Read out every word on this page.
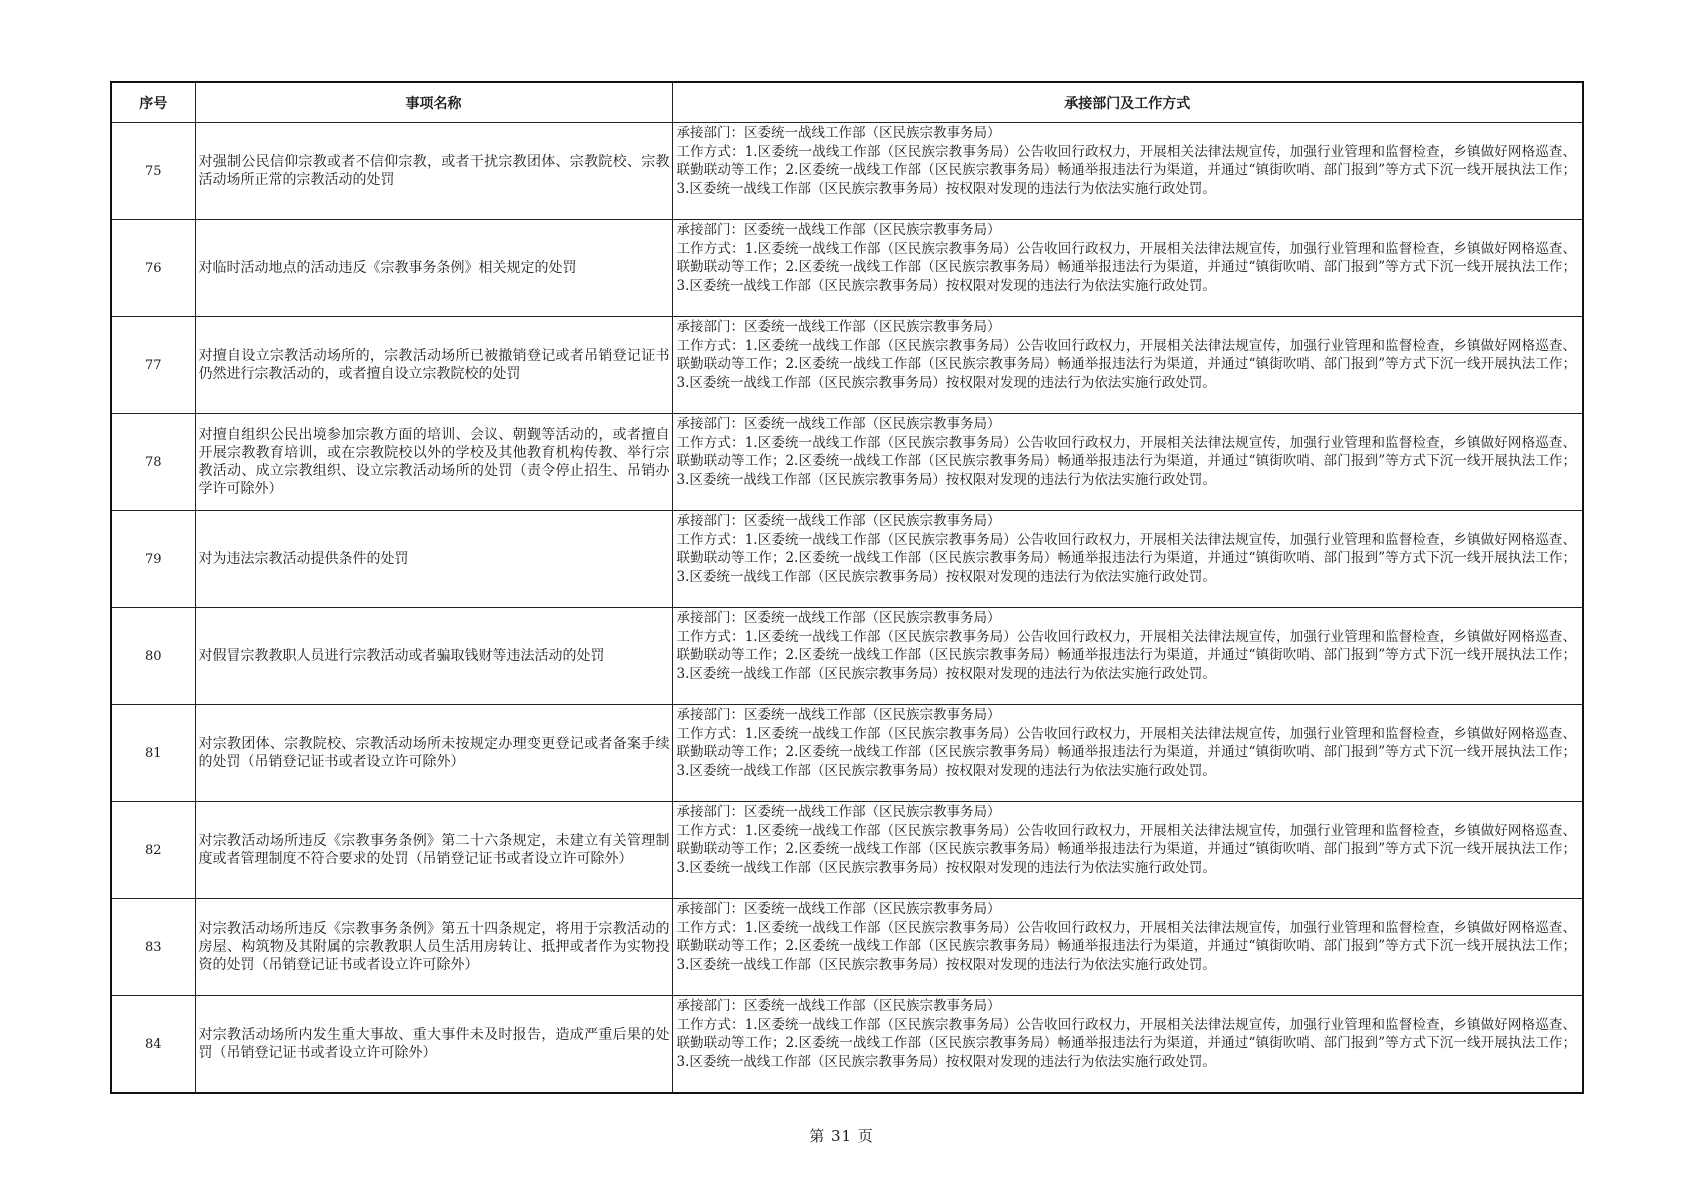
序号	事项名称	承接部门及工作方式
75	对强制公民信仰宗教或者不信仰宗教，或者干扰宗教团体、宗教院校、宗教活动场所正常的宗教活动的处罚	承接部门：区委统一战线工作部（区民族宗教事务局）
工作方式：1.区委统一战线工作部（区民族宗教事务局）公告收回行政权力，开展相关法律法规宣传，加强行业管理和监督检查，乡镇做好网格巡查、联勤联动等工作；2.区委统一战线工作部（区民族宗教事务局）畅通举报违法行为渠道，并通过“镇街吹哨、部门报到”等方式下沉一线开展执法工作；3.区委统一战线工作部（区民族宗教事务局）按权限对发现的违法行为依法实施行政处罚。

76	对临时活动地点的活动违反《宗教事务条例》相关规定的处罚	承接部门：区委统一战线工作部（区民族宗教事务局）
工作方式：1.区委统一战线工作部（区民族宗教事务局）公告收回行政权力，开展相关法律法规宣传，加强行业管理和监督检查，乡镇做好网格巡查、联勤联动等工作；2.区委统一战线工作部（区民族宗教事务局）畅通举报违法行为渠道，并通过“镇街吹哨、部门报到”等方式下沉一线开展执法工作；3.区委统一战线工作部（区民族宗教事务局）按权限对发现的违法行为依法实施行政处罚。

77	对擅自设立宗教活动场所的，宗教活动场所已被撤销登记或者吊销登记证书仍然进行宗教活动的，或者擅自设立宗教院校的处罚	承接部门：区委统一战线工作部（区民族宗教事务局）
工作方式：1.区委统一战线工作部（区民族宗教事务局）公告收回行政权力，开展相关法律法规宣传，加强行业管理和监督检查，乡镇做好网格巡查、联勤联动等工作；2.区委统一战线工作部（区民族宗教事务局）畅通举报违法行为渠道，并通过“镇街吹哨、部门报到”等方式下沉一线开展执法工作；3.区委统一战线工作部（区民族宗教事务局）按权限对发现的违法行为依法实施行政处罚。

78	对擅自组织公民出境参加宗教方面的培训、会议、朝觐等活动的，或者擅自开展宗教教育培训，或在宗教院校以外的学校及其他教育机构传教、举行宗教活动、成立宗教组织、设立宗教活动场所的处罚（责令停止招生、吊销办学许可除外）	承接部门：区委统一战线工作部（区民族宗教事务局）
工作方式：1.区委统一战线工作部（区民族宗教事务局）公告收回行政权力，开展相关法律法规宣传，加强行业管理和监督检查，乡镇做好网格巡查、联勤联动等工作；2.区委统一战线工作部（区民族宗教事务局）畅通举报违法行为渠道，并通过“镇街吹哨、部门报到”等方式下沉一线开展执法工作；3.区委统一战线工作部（区民族宗教事务局）按权限对发现的违法行为依法实施行政处罚。

79	对为违法宗教活动提供条件的处罚	承接部门：区委统一战线工作部（区民族宗教事务局）
工作方式：1.区委统一战线工作部（区民族宗教事务局）公告收回行政权力，开展相关法律法规宣传，加强行业管理和监督检查，乡镇做好网格巡查、联勤联动等工作；2.区委统一战线工作部（区民族宗教事务局）畅通举报违法行为渠道，并通过“镇街吹哨、部门报到”等方式下沉一线开展执法工作；3.区委统一战线工作部（区民族宗教事务局）按权限对发现的违法行为依法实施行政处罚。

80	对假冒宗教教职人员进行宗教活动或者骗取钱财等违法活动的处罚	承接部门：区委统一战线工作部（区民族宗教事务局）
工作方式：1.区委统一战线工作部（区民族宗教事务局）公告收回行政权力，开展相关法律法规宣传，加强行业管理和监督检查，乡镇做好网格巡查、联勤联动等工作；2.区委统一战线工作部（区民族宗教事务局）畅通举报违法行为渠道，并通过“镇街吹哨、部门报到”等方式下沉一线开展执法工作；3.区委统一战线工作部（区民族宗教事务局）按权限对发现的违法行为依法实施行政处罚。

81	对宗教团体、宗教院校、宗教活动场所未按规定办理变更登记或者备案手续的处罚（吊销登记证书或者设立许可除外）	承接部门：区委统一战线工作部（区民族宗教事务局）
工作方式：1.区委统一战线工作部（区民族宗教事务局）公告收回行政权力，开展相关法律法规宣传，加强行业管理和监督检查，乡镇做好网格巡查、联勤联动等工作；2.区委统一战线工作部（区民族宗教事务局）畅通举报违法行为渠道，并通过“镇街吹哨、部门报到”等方式下沉一线开展执法工作；3.区委统一战线工作部（区民族宗教事务局）按权限对发现的违法行为依法实施行政处罚。

82	对宗教活动场所违反《宗教事务条例》第二十六条规定，未建立有关管理制度或者管理制度不符合要求的处罚（吊销登记证书或者设立许可除外）	承接部门：区委统一战线工作部（区民族宗教事务局）
工作方式：1.区委统一战线工作部（区民族宗教事务局）公告收回行政权力，开展相关法律法规宣传，加强行业管理和监督检查，乡镇做好网格巡查、联勤联动等工作；2.区委统一战线工作部（区民族宗教事务局）畅通举报违法行为渠道，并通过“镇街吹哨、部门报到”等方式下沉一线开展执法工作；3.区委统一战线工作部（区民族宗教事务局）按权限对发现的违法行为依法实施行政处罚。

83	对宗教活动场所违反《宗教事务条例》第五十四条规定，将用于宗教活动的房屋、构筑物及其附属的宗教教职人员生活用房转让、抵押或者作为实物投资的处罚（吊销登记证书或者设立许可除外）	承接部门：区委统一战线工作部（区民族宗教事务局）
工作方式：1.区委统一战线工作部（区民族宗教事务局）公告收回行政权力，开展相关法律法规宣传，加强行业管理和监督检查，乡镇做好网格巡查、联勤联动等工作；2.区委统一战线工作部（区民族宗教事务局）畅通举报违法行为渠道，并通过“镇街吹哨、部门报到”等方式下沉一线开展执法工作；3.区委统一战线工作部（区民族宗教事务局）按权限对发现的违法行为依法实施行政处罚。

84	对宗教活动场所内发生重大事故、重大事件未及时报告，造成严重后果的处罚（吊销登记证书或者设立许可除外）	承接部门：区委统一战线工作部（区民族宗教事务局）
工作方式：1.区委统一战线工作部（区民族宗教事务局）公告收回行政权力，开展相关法律法规宣传，加强行业管理和监督检查，乡镇做好网格巡查、联勤联动等工作；2.区委统一战线工作部（区民族宗教事务局）畅通举报违法行为渠道，并通过“镇街吹哨、部门报到”等方式下沉一线开展执法工作；3.区委统一战线工作部（区民族宗教事务局）按权限对发现的违法行为依法实施行政处罚。
第 31 页
